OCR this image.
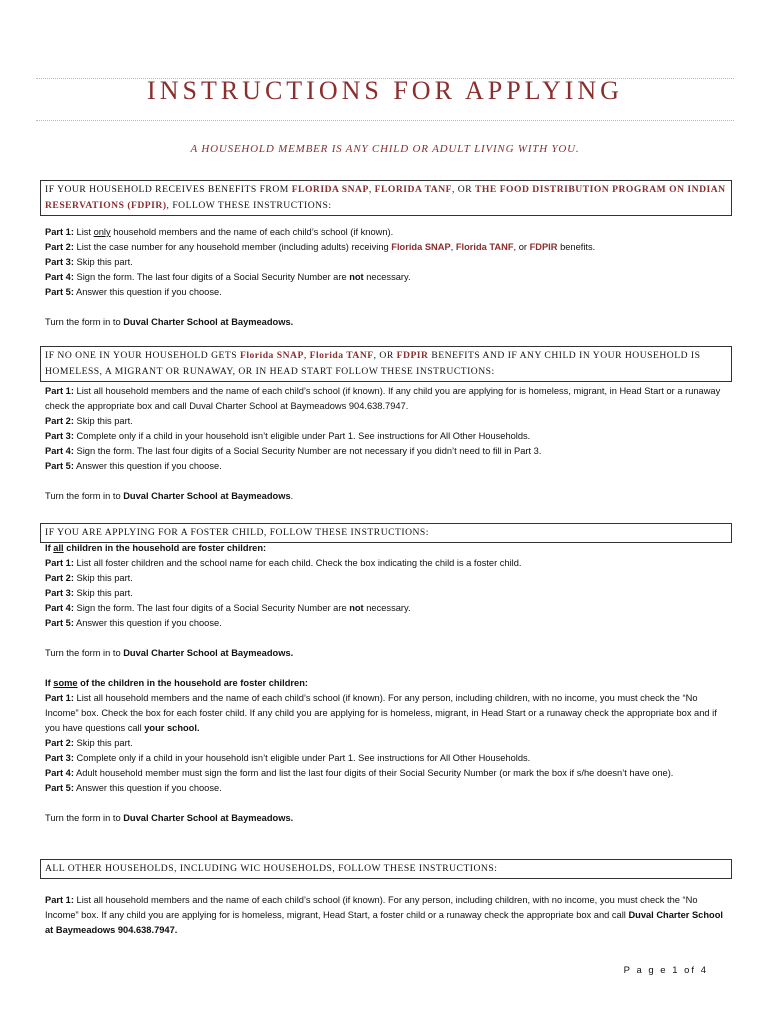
INSTRUCTIONS FOR APPLYING
A HOUSEHOLD MEMBER IS ANY CHILD OR ADULT LIVING WITH YOU.
IF YOUR HOUSEHOLD RECEIVES BENEFITS FROM FLORIDA SNAP, FLORIDA TANF, OR THE FOOD DISTRIBUTION PROGRAM ON INDIAN RESERVATIONS (FDPIR), FOLLOW THESE INSTRUCTIONS:
Part 1: List only household members and the name of each child’s school (if known).
Part 2: List the case number for any household member (including adults) receiving Florida SNAP, Florida TANF, or FDPIR benefits.
Part 3: Skip this part.
Part 4: Sign the form. The last four digits of a Social Security Number are not necessary.
Part 5: Answer this question if you choose.
Turn the form in to Duval Charter School at Baymeadows.
IF NO ONE IN YOUR HOUSEHOLD GETS Florida SNAP, Florida TANF, OR FDPIR BENEFITS AND IF ANY CHILD IN YOUR HOUSEHOLD IS HOMELESS, A MIGRANT OR RUNAWAY, OR IN HEAD START FOLLOW THESE INSTRUCTIONS:
Part 1: List all household members and the name of each child’s school (if known). If any child you are applying for is homeless, migrant, in Head Start or a runaway check the appropriate box and call Duval Charter School at Baymeadows 904.638.7947.
Part 2: Skip this part.
Part 3: Complete only if a child in your household isn’t eligible under Part 1. See instructions for All Other Households.
Part 4: Sign the form. The last four digits of a Social Security Number are not necessary if you didn’t need to fill in Part 3.
Part 5: Answer this question if you choose.
Turn the form in to Duval Charter School at Baymeadows.
IF YOU ARE APPLYING FOR A FOSTER CHILD, FOLLOW THESE INSTRUCTIONS:
If all children in the household are foster children:
Part 1: List all foster children and the school name for each child. Check the box indicating the child is a foster child.
Part 2: Skip this part.
Part 3: Skip this part.
Part 4: Sign the form. The last four digits of a Social Security Number are not necessary.
Part 5: Answer this question if you choose.
Turn the form in to Duval Charter School at Baymeadows.
If some of the children in the household are foster children:
Part 1: List all household members and the name of each child’s school (if known). For any person, including children, with no income, you must check the “No Income” box. Check the box for each foster child. If any child you are applying for is homeless, migrant, in Head Start or a runaway check the appropriate box and if you have questions call your school.
Part 2: Skip this part.
Part 3: Complete only if a child in your household isn’t eligible under Part 1. See instructions for All Other Households.
Part 4: Adult household member must sign the form and list the last four digits of their Social Security Number (or mark the box if s/he doesn’t have one).
Part 5: Answer this question if you choose.
Turn the form in to Duval Charter School at Baymeadows.
ALL OTHER HOUSEHOLDS, INCLUDING WIC HOUSEHOLDS, FOLLOW THESE INSTRUCTIONS:
Part 1: List all household members and the name of each child’s school (if known). For any person, including children, with no income, you must check the “No Income” box. If any child you are applying for is homeless, migrant, Head Start, a foster child or a runaway check the appropriate box and call Duval Charter School at Baymeadows 904.638.7947.
P a g e 1 of 4
